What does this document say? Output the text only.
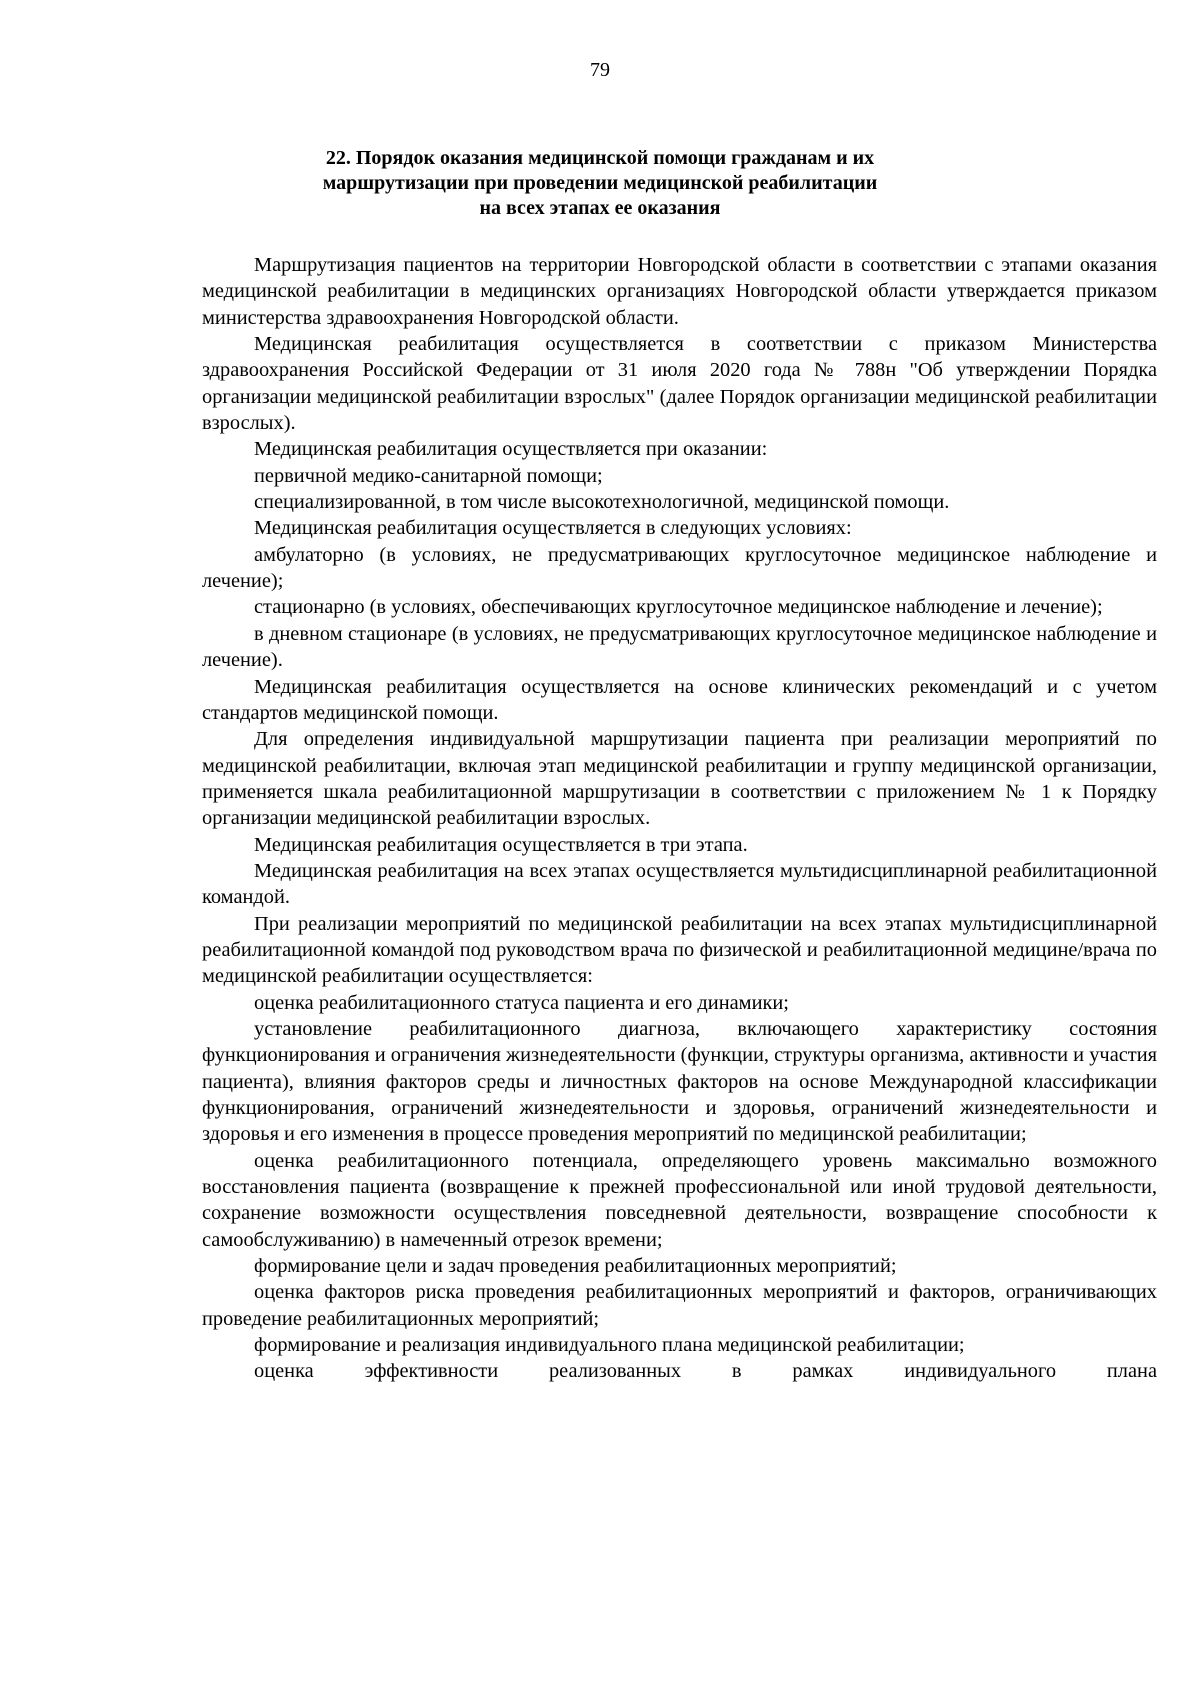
79
22. Порядок оказания медицинской помощи гражданам и их
маршрутизации при проведении медицинской реабилитации
на всех этапах ее оказания

Маршрутизация пациентов на территории Новгородской области в соответствии с этапами оказания медицинской реабилитации в медицинских организациях Новгородской области утверждается приказом министерства здравоохранения Новгородской области.

Медицинская реабилитация осуществляется в соответствии с приказом Министерства здравоохранения Российской Федерации от 31 июля 2020 года № 788н "Об утверждении Порядка организации медицинской реабилитации взрослых" (далее Порядок организации медицинской реабилитации взрослых).

Медицинская реабилитация осуществляется при оказании:

первичной медико-санитарной помощи;

специализированной, в том числе высокотехнологичной, медицинской помощи.

Медицинская реабилитация осуществляется в следующих условиях:

амбулаторно (в условиях, не предусматривающих круглосуточное медицинское наблюдение и лечение);

стационарно (в условиях, обеспечивающих круглосуточное медицинское наблюдение и лечение);

в дневном стационаре (в условиях, не предусматривающих круглосуточное медицинское наблюдение и лечение).

Медицинская реабилитация осуществляется на основе клинических рекомендаций и с учетом стандартов медицинской помощи.

Для определения индивидуальной маршрутизации пациента при реализации мероприятий по медицинской реабилитации, включая этап медицинской реабилитации и группу медицинской организации, применяется шкала реабилитационной маршрутизации в соответствии с приложением № 1 к Порядку организации медицинской реабилитации взрослых.

Медицинская реабилитация осуществляется в три этапа.

Медицинская реабилитация на всех этапах осуществляется мультидисциплинарной реабилитационной командой.

При реализации мероприятий по медицинской реабилитации на всех этапах мультидисциплинарной реабилитационной командой под руководством врача по физической и реабилитационной медицине/врача по медицинской реабилитации осуществляется:

оценка реабилитационного статуса пациента и его динамики;

установление реабилитационного диагноза, включающего характеристику состояния функционирования и ограничения жизнедеятельности (функции, структуры организма, активности и участия пациента), влияния факторов среды и личностных факторов на основе Международной классификации функционирования, ограничений жизнедеятельности и здоровья, ограничений жизнедеятельности и здоровья и его изменения в процессе проведения мероприятий по медицинской реабилитации;

оценка реабилитационного потенциала, определяющего уровень максимально возможного восстановления пациента (возвращение к прежней профессиональной или иной трудовой деятельности, сохранение возможности осуществления повседневной деятельности, возвращение способности к самообслуживанию) в намеченный отрезок времени;

формирование цели и задач проведения реабилитационных мероприятий;

оценка факторов риска проведения реабилитационных мероприятий и факторов, ограничивающих проведение реабилитационных мероприятий;

формирование и реализация индивидуального плана медицинской реабилитации;

оценка эффективности реализованных в рамках индивидуального плана
